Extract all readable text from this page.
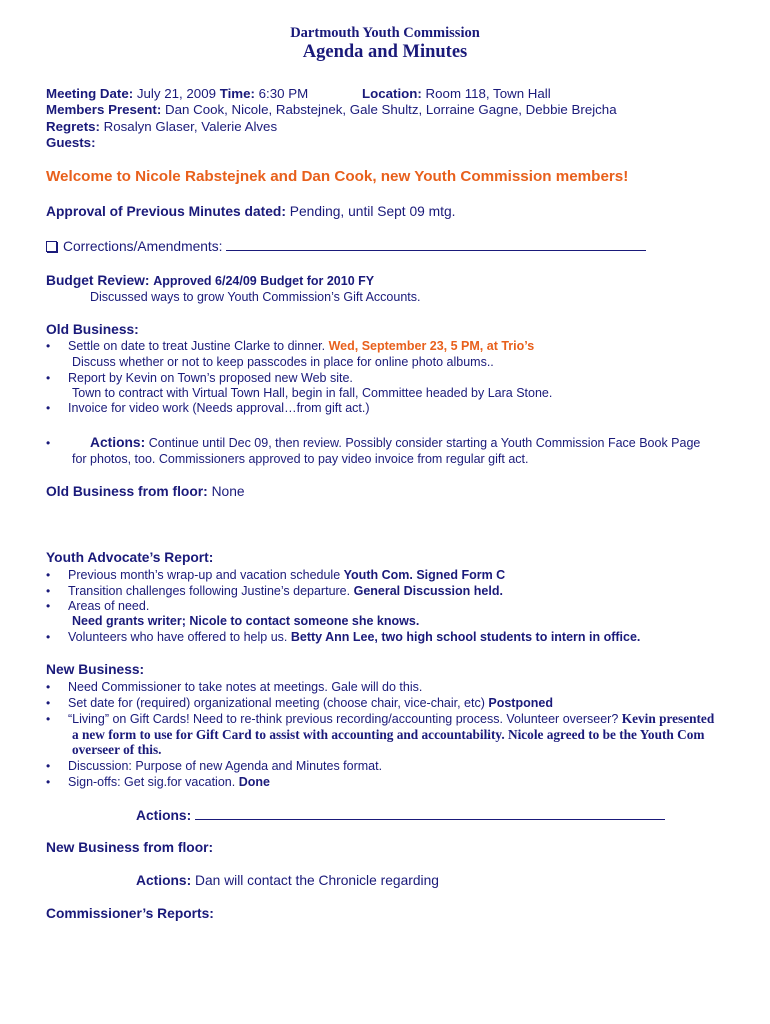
Dartmouth Youth Commission
Agenda and Minutes
Meeting Date: July 21, 2009 Time: 6:30 PM	Location: Room 118, Town Hall
Members Present: Dan Cook, Nicole, Rabstejnek, Gale Shultz, Lorraine Gagne, Debbie Brejcha
Regrets: Rosalyn Glaser, Valerie Alves
Guests:
Welcome to Nicole Rabstejnek and Dan Cook, new Youth Commission members!
Approval of Previous Minutes dated: Pending, until Sept 09 mtg.
Corrections/Amendments:
Budget Review: Approved 6/24/09 Budget for 2010 FY
Discussed ways to grow Youth Commission’s Gift Accounts.
Old Business:
•
Settle on date to treat Justine Clarke to dinner. Wed, September 23, 5 PM, at Trio’s
Discuss whether or not to keep passcodes in place for online photo albums..
•
Report by Kevin on Town’s proposed new Web site.
Town to contract with Virtual Town Hall, begin in fall, Committee headed by Lara Stone.
•
Invoice for video work (Needs approval…from gift act.)
•
Actions: Continue until Dec 09, then review. Possibly consider starting a Youth Commission Face Book Page
for photos, too. Commissioners approved to pay video invoice from regular gift act.
Old Business from floor: None
Youth Advocate’s Report:
•
Previous month’s wrap-up and vacation schedule Youth Com. Signed Form C
•
Transition challenges following Justine’s departure. General Discussion held.
•
Areas of need.
Need grants writer; Nicole to contact someone she knows.
•
Volunteers who have offered to help us. Betty Ann Lee, two high school students to intern in office.
New Business:
•
Need Commissioner to take notes at meetings. Gale will do this.
•
Set date for (required) organizational meeting (choose chair, vice-chair, etc) Postponed
•
“Living” on Gift Cards! Need to re-think previous recording/accounting process. Volunteer overseer? Kevin presented
a new form to use for Gift Card to assist with accounting and accountability. Nicole agreed to be the Youth Com
overseer of this.
•
Discussion: Purpose of new Agenda and Minutes format.
•
Sign-offs: Get sig.for vacation. Done
Actions:
New Business from floor:
Actions: Dan will contact the Chronicle regarding
Commissioner’s Reports:
